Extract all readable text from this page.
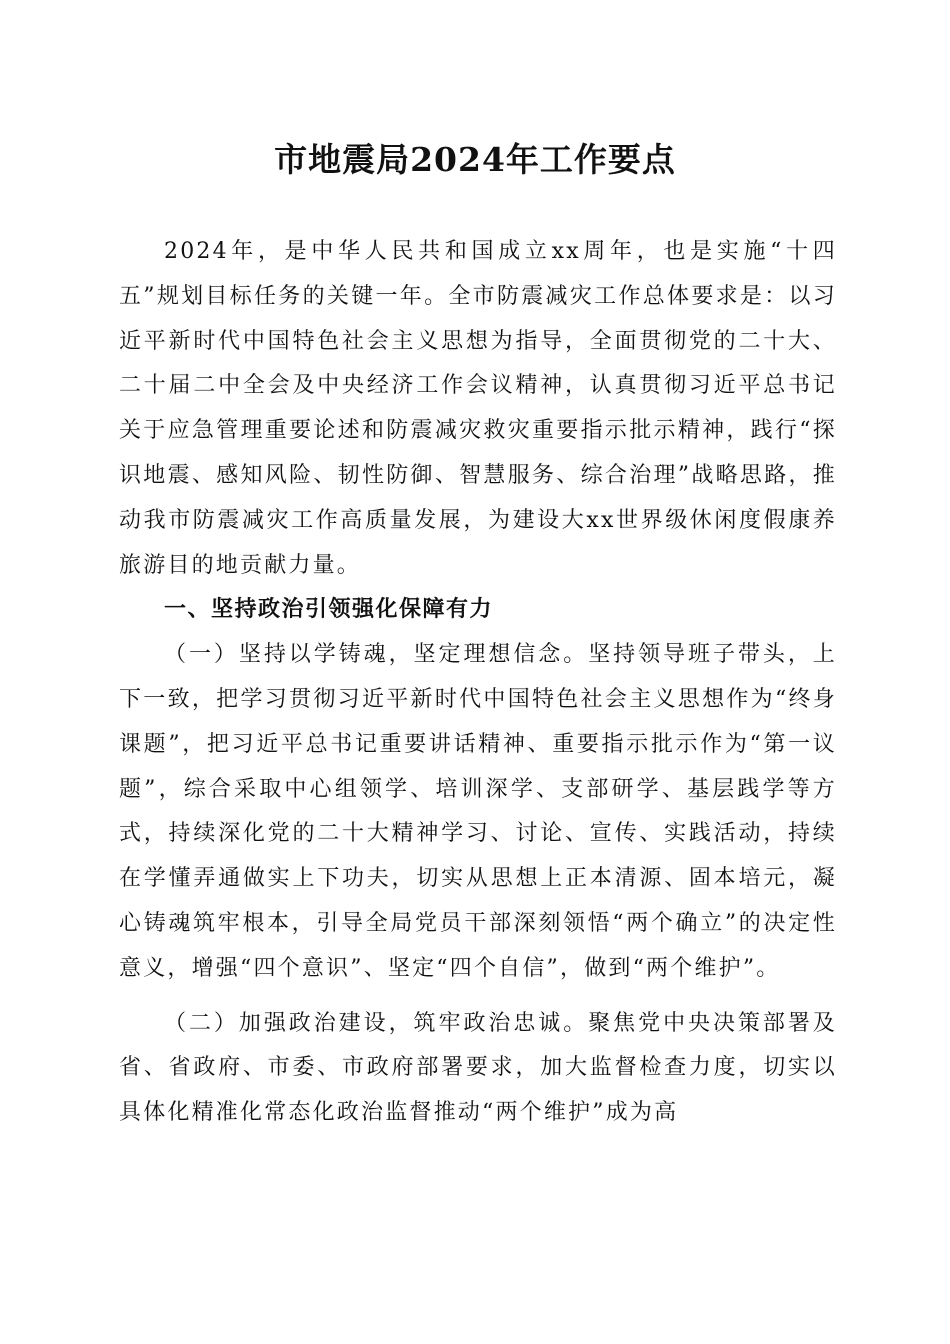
市地震局2024年工作要点

2024年，是中华人民共和国成立xx周年，也是实施“十四五”规划目标任务的关键一年。全市防震减灾工作总体要求是：以习近平新时代中国特色社会主义思想为指导，全面贯彻党的二十大、二十届二中全会及中央经济工作会议精神，认真贯彻习近平总书记关于应急管理重要论述和防震减灾救灾重要指示批示精神，践行“探识地震、感知风险、韧性防御、智慧服务、综合治理”战略思路，推动我市防震减灾工作高质量发展，为建设大xx世界级休闲度假康养旅游目的地贡献力量。

一、坚持政治引领强化保障有力

（一）坚持以学铸魂，坚定理想信念。坚持领导班子带头，上下一致，把学习贯彻习近平新时代中国特色社会主义思想作为“终身课题”，把习近平总书记重要讲话精神、重要指示批示作为“第一议题”，综合采取中心组领学、培训深学、支部研学、基层践学等方式，持续深化党的二十大精神学习、讨论、宣传、实践活动，持续在学懂弄通做实上下功夫，切实从思想上正本清源、固本培元，凝心铸魂筑牢根本，引导全局党员干部深刻领悟“两个确立”的决定性意义，增强“四个意识”、坚定“四个自信”，做到“两个维护”。

（二）加强政治建设，筑牢政治忠诚。聚焦党中央决策部署及省、省政府、市委、市政府部署要求，加大监督检查力度，切实以具体化精准化常态化政治监督推动“两个维护”成为高
